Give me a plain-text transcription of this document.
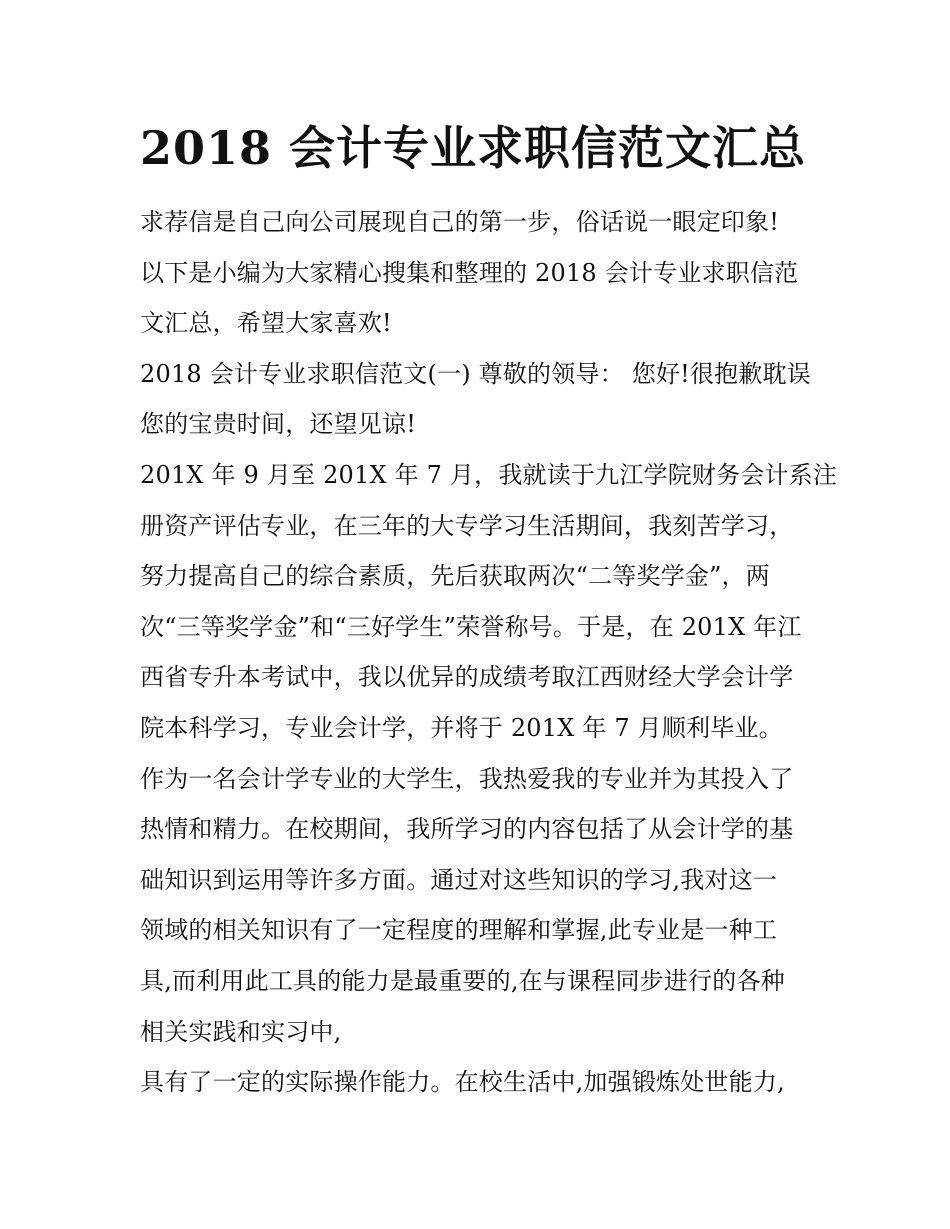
2018 会计专业求职信范文汇总

求荐信是自己向公司展现自己的第一步，俗话说一眼定印象!
以下是小编为大家精心搜集和整理的 2018 会计专业求职信范
文汇总，希望大家喜欢!

2018 会计专业求职信范文(一) 尊敬的领导： 您好!很抱歉耽误
您的宝贵时间，还望见谅!

201X 年 9 月至 201X 年 7 月，我就读于九江学院财务会计系注
册资产评估专业，在三年的大专学习生活期间，我刻苦学习，
努力提高自己的综合素质，先后获取两次“二等奖学金”，两
次“三等奖学金”和“三好学生”荣誉称号。于是，在 201X 年江
西省专升本考试中，我以优异的成绩考取江西财经大学会计学
院本科学习，专业会计学，并将于 201X 年 7 月顺利毕业。

作为一名会计学专业的大学生，我热爱我的专业并为其投入了
热情和精力。在校期间，我所学习的内容包括了从会计学的基
础知识到运用等许多方面。通过对这些知识的学习,我对这一
领域的相关知识有了一定程度的理解和掌握,此专业是一种工
具,而利用此工具的能力是最重要的,在与课程同步进行的各种
相关实践和实习中,

具有了一定的实际操作能力。在校生活中,加强锻炼处世能力,
